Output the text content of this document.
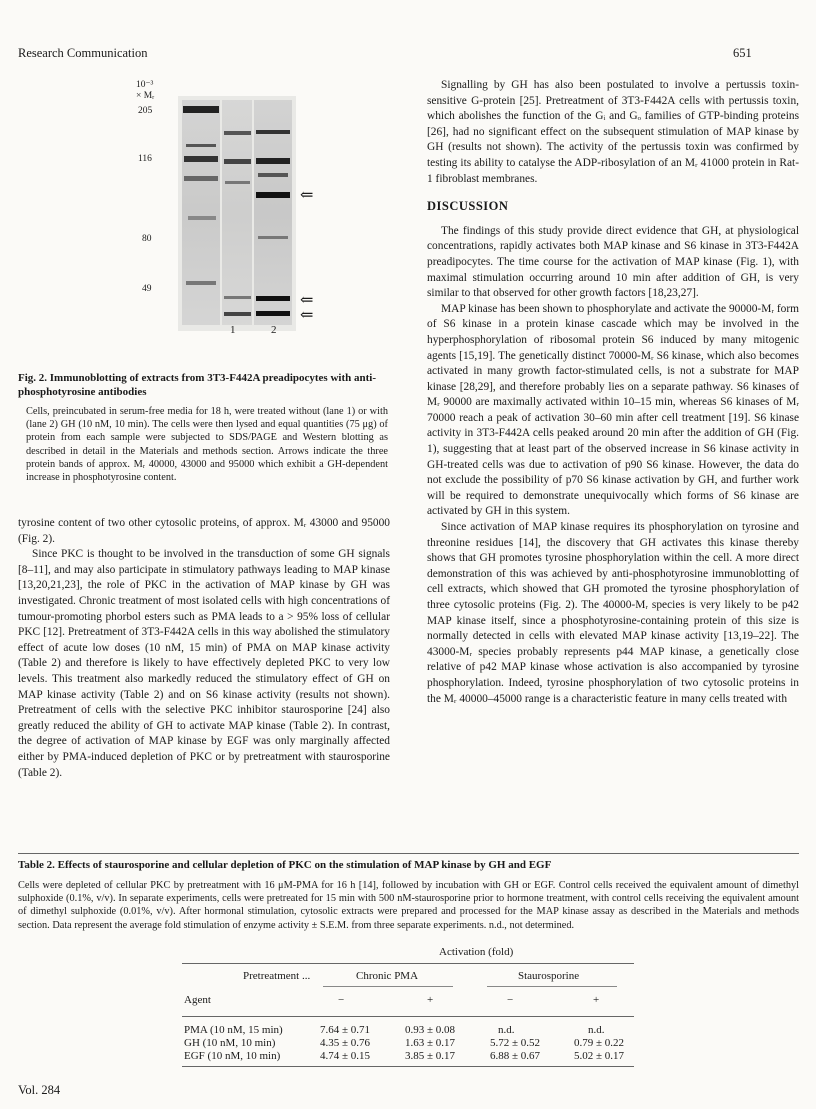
Research Communication	651
10⁻³
× Mᵣ
205
116
80
49
⇐
⇐
⇐
1	2
Fig. 2. Immunoblotting of extracts from 3T3-F442A preadipocytes with anti-phosphotyrosine antibodies
Cells, preincubated in serum-free media for 18 h, were treated without (lane 1) or with (lane 2) GH (10 nM, 10 min). The cells were then lysed and equal quantities (75 μg) of protein from each sample were subjected to SDS/PAGE and Western blotting as described in detail in the Materials and methods section. Arrows indicate the three protein bands of approx. Mᵣ 40000, 43000 and 95000 which exhibit a GH-dependent increase in phosphotyrosine content.

tyrosine content of two other cytosolic proteins, of approx. Mᵣ 43000 and 95000 (Fig. 2).

Since PKC is thought to be involved in the transduction of some GH signals [8–11], and may also participate in stimulatory pathways leading to MAP kinase [13,20,21,23], the role of PKC in the activation of MAP kinase by GH was investigated. Chronic treatment of most isolated cells with high concentrations of tumour-promoting phorbol esters such as PMA leads to a > 95% loss of cellular PKC [12]. Pretreatment of 3T3-F442A cells in this way abolished the stimulatory effect of acute low doses (10 nM, 15 min) of PMA on MAP kinase activity (Table 2) and therefore is likely to have effectively depleted PKC to very low levels. This treatment also markedly reduced the stimulatory effect of GH on MAP kinase activity (Table 2) and on S6 kinase activity (results not shown). Pretreatment of cells with the selective PKC inhibitor staurosporine [24] also greatly reduced the ability of GH to activate MAP kinase (Table 2). In contrast, the degree of activation of MAP kinase by EGF was only marginally affected either by PMA-induced depletion of PKC or by pretreatment with staurosporine (Table 2).

Signalling by GH has also been postulated to involve a pertussis toxin-sensitive G-protein [25]. Pretreatment of 3T3-F442A cells with pertussis toxin, which abolishes the function of the Gᵢ and Gₒ families of GTP-binding proteins [26], had no significant effect on the subsequent stimulation of MAP kinase by GH (results not shown). The activity of the pertussis toxin was confirmed by testing its ability to catalyse the ADP-ribosylation of an Mᵣ 41000 protein in Rat-1 fibroblast membranes.

DISCUSSION

The findings of this study provide direct evidence that GH, at physiological concentrations, rapidly activates both MAP kinase and S6 kinase in 3T3-F442A preadipocytes. The time course for the activation of MAP kinase (Fig. 1), with maximal stimulation occurring around 10 min after addition of GH, is very similar to that observed for other growth factors [18,23,27].

MAP kinase has been shown to phosphorylate and activate the 90000-Mᵣ form of S6 kinase in a protein kinase cascade which may be involved in the hyperphosphorylation of ribosomal protein S6 induced by many mitogenic agents [15,19]. The genetically distinct 70000-Mᵣ S6 kinase, which also becomes activated in many growth factor-stimulated cells, is not a substrate for MAP kinase [28,29], and therefore probably lies on a separate pathway. S6 kinases of Mᵣ 90000 are maximally activated within 10–15 min, whereas S6 kinases of Mᵣ 70000 reach a peak of activation 30–60 min after cell treatment [19]. S6 kinase activity in 3T3-F442A cells peaked around 20 min after the addition of GH (Fig. 1), suggesting that at least part of the observed increase in S6 kinase activity in GH-treated cells was due to activation of p90 S6 kinase. However, the data do not exclude the possibility of p70 S6 kinase activation by GH, and further work will be required to demonstrate unequivocally which forms of S6 kinase are activated by GH in this system.

Since activation of MAP kinase requires its phosphorylation on tyrosine and threonine residues [14], the discovery that GH activates this kinase thereby shows that GH promotes tyrosine phosphorylation within the cell. A more direct demonstration of this was achieved by anti-phosphotyrosine immunoblotting of cell extracts, which showed that GH promoted the tyrosine phosphorylation of three cytosolic proteins (Fig. 2). The 40000-Mᵣ species is very likely to be p42 MAP kinase itself, since a phosphotyrosine-containing protein of this size is normally detected in cells with elevated MAP kinase activity [13,19–22]. The 43000-Mᵣ species probably represents p44 MAP kinase, a genetically close relative of p42 MAP kinase whose activation is also accompanied by tyrosine phosphorylation. Indeed, tyrosine phosphorylation of two cytosolic proteins in the Mᵣ 40000–45000 range is a characteristic feature in many cells treated with

Table 2. Effects of staurosporine and cellular depletion of PKC on the stimulation of MAP kinase by GH and EGF
Cells were depleted of cellular PKC by pretreatment with 16 μM-PMA for 16 h [14], followed by incubation with GH or EGF. Control cells received the equivalent amount of dimethyl sulphoxide (0.1%, v/v). In separate experiments, cells were pretreated for 15 min with 500 nM-staurosporine prior to hormone treatment, with control cells receiving the equivalent amount of dimethyl sulphoxide (0.01%, v/v). After hormonal stimulation, cytosolic extracts were prepared and processed for the MAP kinase assay as described in the Materials and methods section. Data represent the average fold stimulation of enzyme activity ± S.E.M. from three separate experiments. n.d., not determined.
Activation (fold)
Pretreatment ...	Chronic PMA	Staurosporine
Agent	−	+	−	+
PMA (10 nM, 15 min)	7.64 ± 0.71	0.93 ± 0.08	n.d.	n.d.
GH (10 nM, 10 min)	4.35 ± 0.76	1.63 ± 0.17	5.72 ± 0.52	0.79 ± 0.22
EGF (10 nM, 10 min)	4.74 ± 0.15	3.85 ± 0.17	6.88 ± 0.67	5.02 ± 0.17
Vol. 284
